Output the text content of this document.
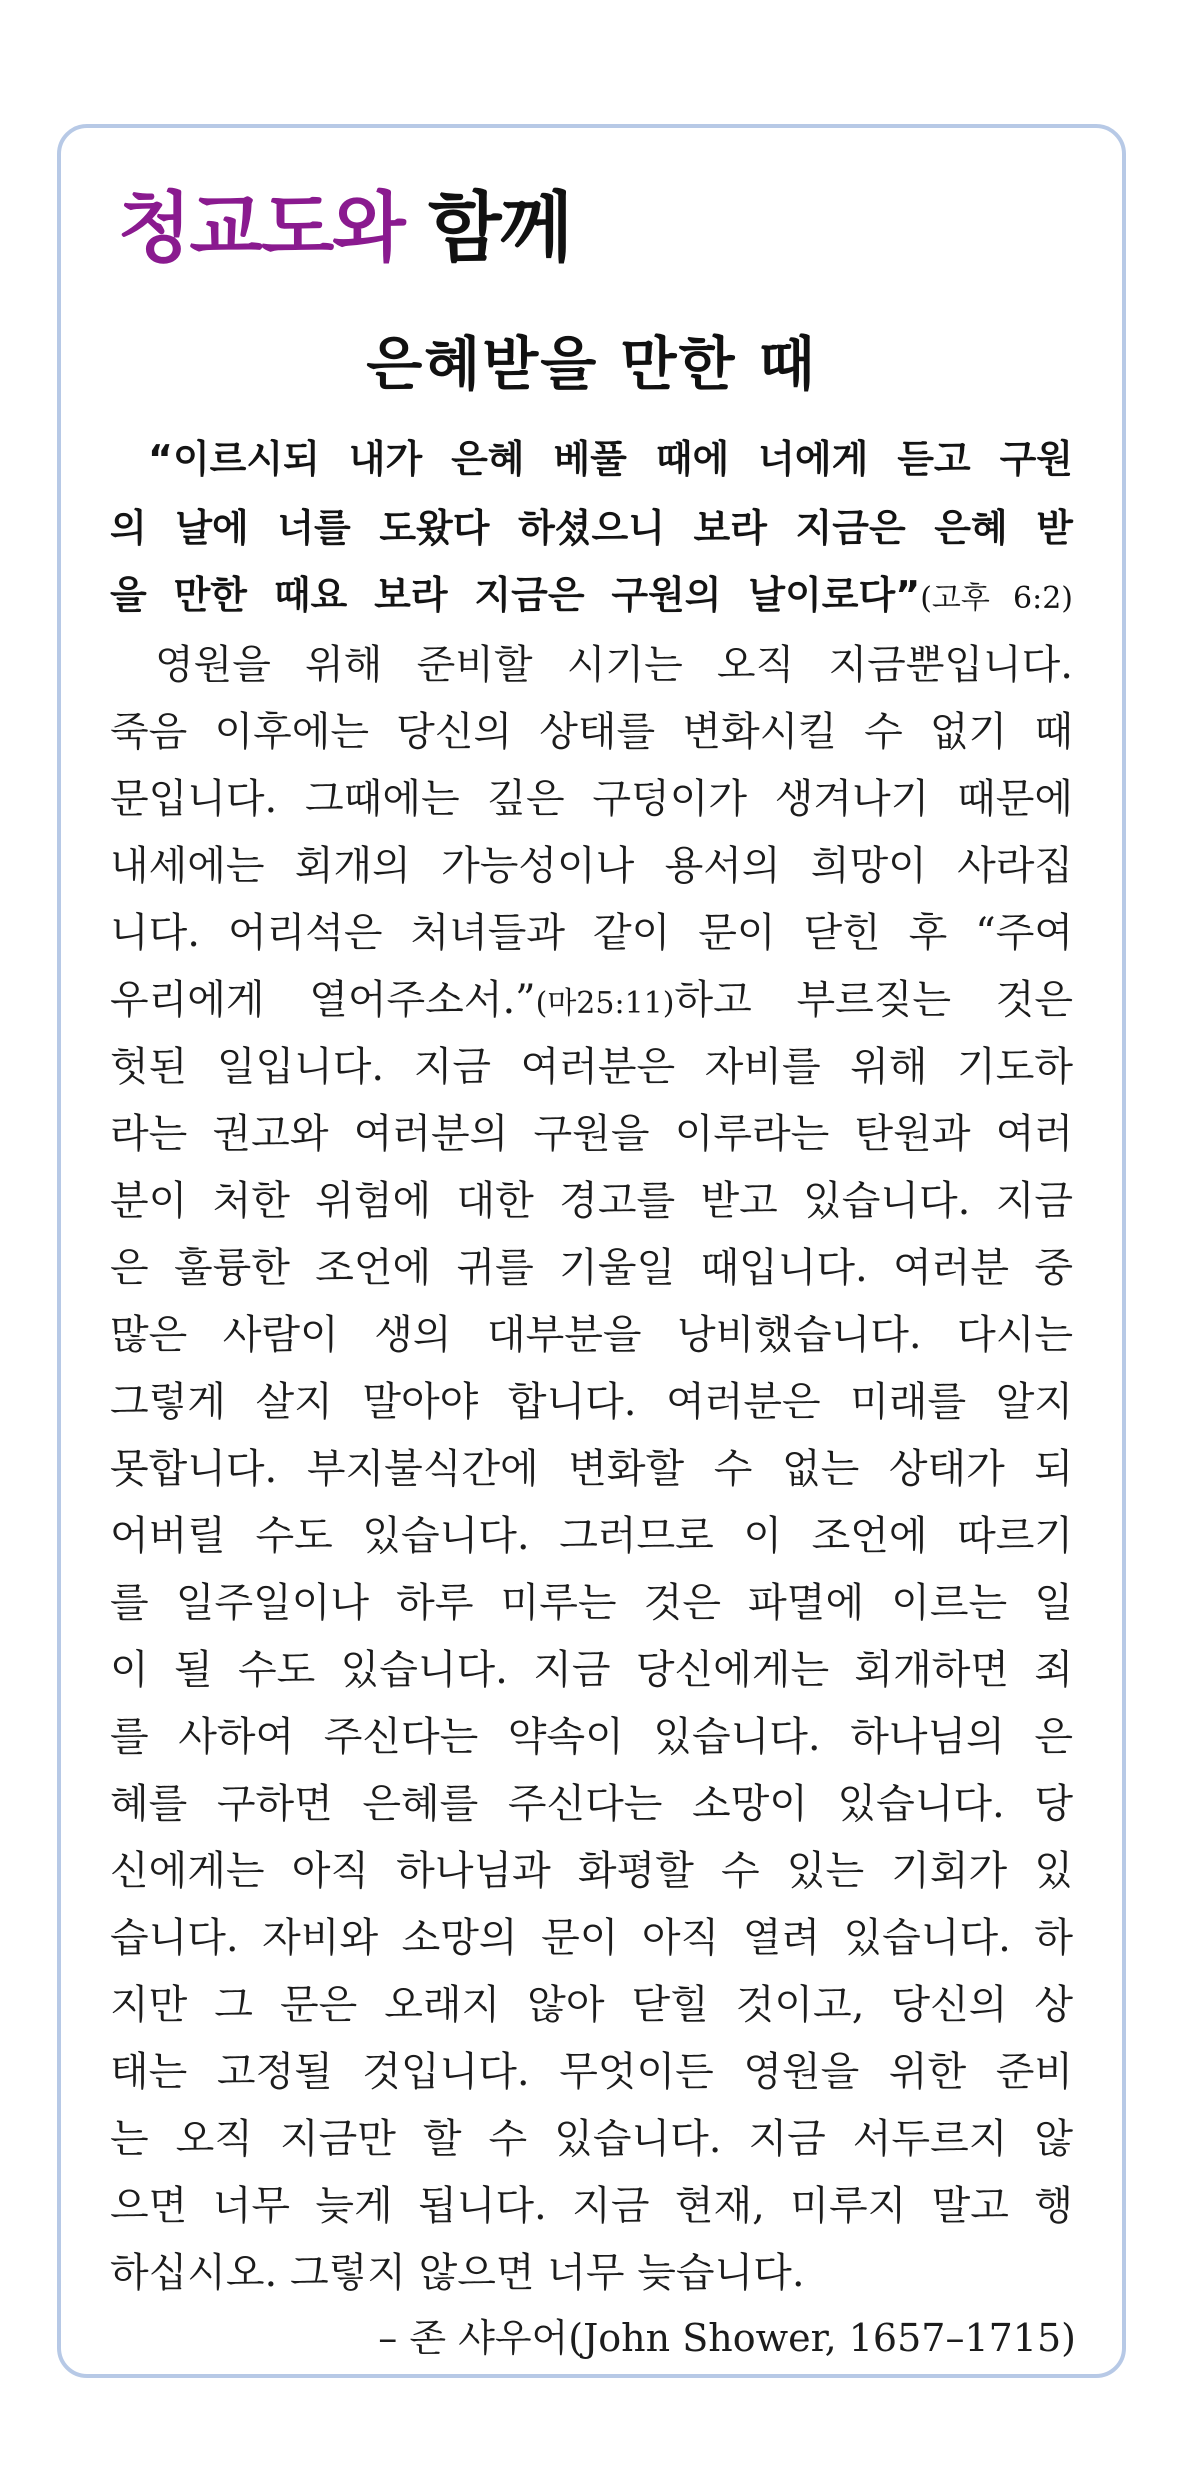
청교도와 함께
은혜받을 만한 때
“이르시되 내가 은혜 베풀 때에 너에게 듣고 구원
의 날에 너를 도왔다 하셨으니 보라 지금은 은혜 받
을 만한 때요 보라 지금은 구원의 날이로다”(고후 6:2)
영원을 위해 준비할 시기는 오직 지금뿐입니다.
죽음 이후에는 당신의 상태를 변화시킬 수 없기 때
문입니다. 그때에는 깊은 구덩이가 생겨나기 때문에
내세에는 회개의 가능성이나 용서의 희망이 사라집
니다. 어리석은 처녀들과 같이 문이 닫힌 후 “주여
우리에게 열어주소서.”(마25:11)하고 부르짖는 것은
헛된 일입니다. 지금 여러분은 자비를 위해 기도하
라는 권고와 여러분의 구원을 이루라는 탄원과 여러
분이 처한 위험에 대한 경고를 받고 있습니다. 지금
은 훌륭한 조언에 귀를 기울일 때입니다. 여러분 중
많은 사람이 생의 대부분을 낭비했습니다. 다시는
그렇게 살지 말아야 합니다. 여러분은 미래를 알지
못합니다. 부지불식간에 변화할 수 없는 상태가 되
어버릴 수도 있습니다. 그러므로 이 조언에 따르기
를 일주일이나 하루 미루는 것은 파멸에 이르는 일
이 될 수도 있습니다. 지금 당신에게는 회개하면 죄
를 사하여 주신다는 약속이 있습니다. 하나님의 은
혜를 구하면 은혜를 주신다는 소망이 있습니다. 당
신에게는 아직 하나님과 화평할 수 있는 기회가 있
습니다. 자비와 소망의 문이 아직 열려 있습니다. 하
지만 그 문은 오래지 않아 닫힐 것이고, 당신의 상
태는 고정될 것입니다. 무엇이든 영원을 위한 준비
는 오직 지금만 할 수 있습니다. 지금 서두르지 않
으면 너무 늦게 됩니다. 지금 현재, 미루지 말고 행
하십시오. 그렇지 않으면 너무 늦습니다.
– 존 샤우어(John Shower, 1657–1715)
